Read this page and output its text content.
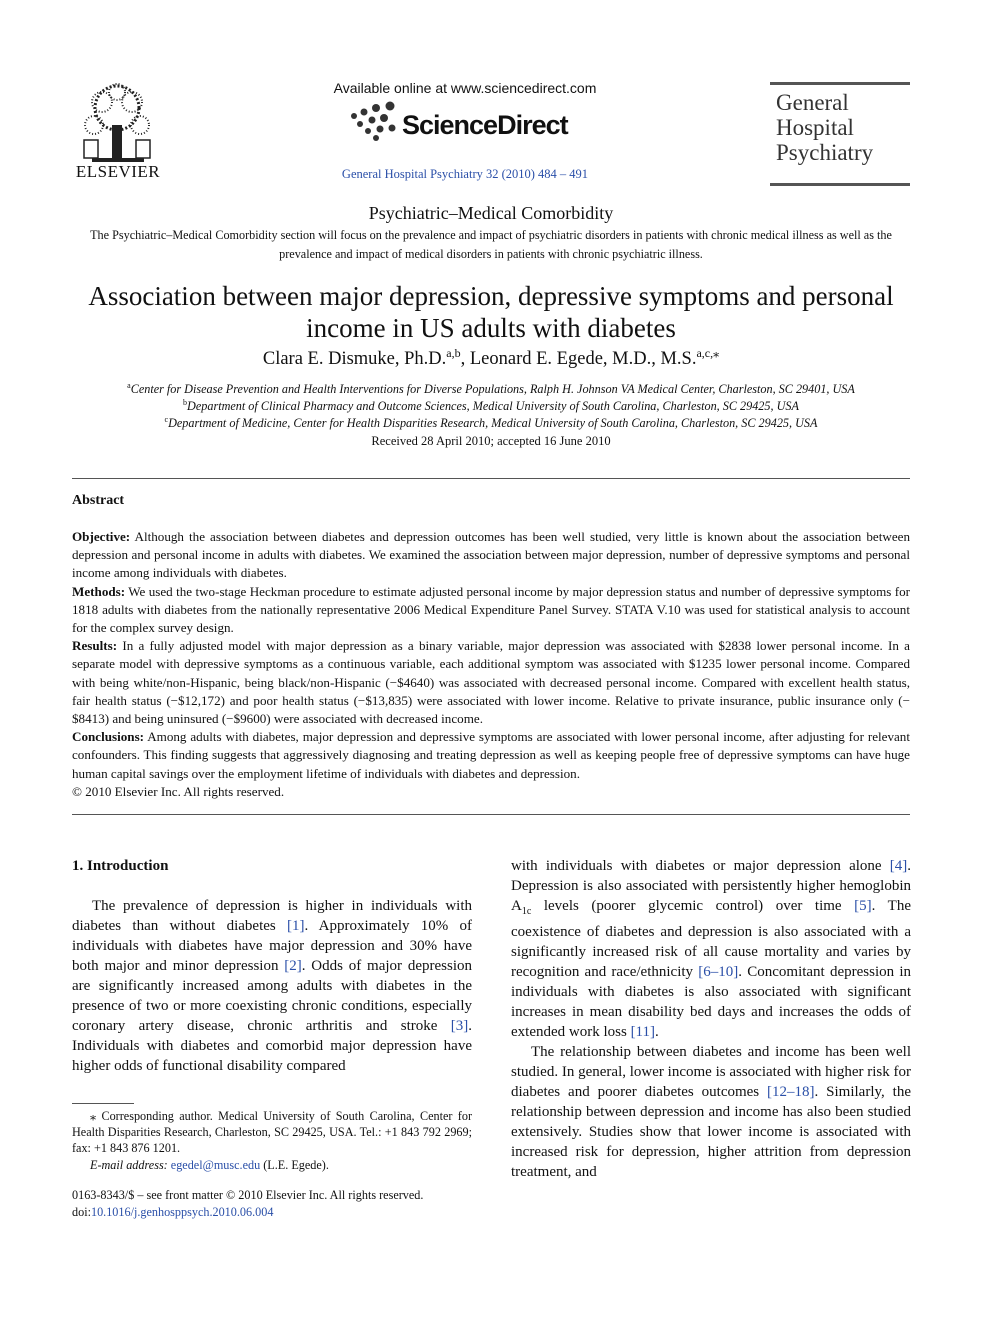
ELSEVIER
Available online at www.sciencedirect.com
ScienceDirect
General Hospital Psychiatry 32 (2010) 484 – 491
General
Hospital
Psychiatry
Psychiatric–Medical Comorbidity
The Psychiatric–Medical Comorbidity section will focus on the prevalence and impact of psychiatric disorders in patients with chronic medical illness as well as the prevalence and impact of medical disorders in patients with chronic psychiatric illness.
Association between major depression, depressive symptoms and personal income in US adults with diabetes
Clara E. Dismuke, Ph.D.$^{a,b}$, Leonard E. Egede, M.D., M.S.$^{a,c,⁎}$
$^a$Center for Disease Prevention and Health Interventions for Diverse Populations, Ralph H. Johnson VA Medical Center, Charleston, SC 29401, USA
$^b$Department of Clinical Pharmacy and Outcome Sciences, Medical University of South Carolina, Charleston, SC 29425, USA
$^c$Department of Medicine, Center for Health Disparities Research, Medical University of South Carolina, Charleston, SC 29425, USA
Received 28 April 2010; accepted 16 June 2010
Abstract

Objective: Although the association between diabetes and depression outcomes has been well studied, very little is known about the association between depression and personal income in adults with diabetes. We examined the association between major depression, number of depressive symptoms and personal income among individuals with diabetes.

Methods: We used the two-stage Heckman procedure to estimate adjusted personal income by major depression status and number of depressive symptoms for 1818 adults with diabetes from the nationally representative 2006 Medical Expenditure Panel Survey. STATA V.10 was used for statistical analysis to account for the complex survey design.

Results: In a fully adjusted model with major depression as a binary variable, major depression was associated with $2838 lower personal income. In a separate model with depressive symptoms as a continuous variable, each additional symptom was associated with $1235 lower personal income. Compared with being white/non-Hispanic, being black/non-Hispanic (−$4640) was associated with decreased personal income. Compared with excellent health status, fair health status (−$12,172) and poor health status (−$13,835) were associated with lower income. Relative to private insurance, public insurance only (−$8413) and being uninsured (−$9600) were associated with decreased income.

Conclusions: Among adults with diabetes, major depression and depressive symptoms are associated with lower personal income, after adjusting for relevant confounders. This finding suggests that aggressively diagnosing and treating depression as well as keeping people free of depressive symptoms can have huge human capital savings over the employment lifetime of individuals with diabetes and depression.

© 2010 Elsevier Inc. All rights reserved.

1. Introduction

The prevalence of depression is higher in individuals with diabetes than without diabetes [1]. Approximately 10% of individuals with diabetes have major depression and 30% have both major and minor depression [2]. Odds of major depression are significantly increased among adults with diabetes in the presence of two or more coexisting chronic conditions, especially coronary artery disease, chronic arthritis and stroke [3]. Individuals with diabetes and comorbid major depression have higher odds of functional disability compared

with individuals with diabetes or major depression alone [4]. Depression is also associated with persistently higher hemoglobin $A_{1c}$ levels (poorer glycemic control) over time [5]. The coexistence of diabetes and depression is also associated with a significantly increased risk of all cause mortality and varies by recognition and race/ethnicity [6–10]. Concomitant depression in individuals with diabetes is also associated with significant increases in mean disability bed days and increases the odds of extended work loss [11].

The relationship between diabetes and income has been well studied. In general, lower income is associated with higher risk for diabetes and poorer diabetes outcomes [12–18]. Similarly, the relationship between depression and income has also been studied extensively. Studies show that lower income is associated with increased risk for depression, higher attrition from depression treatment, and

⁎ Corresponding author. Medical University of South Carolina, Center for Health Disparities Research, Charleston, SC 29425, USA. Tel.: +1 843 792 2969; fax: +1 843 876 1201.

E-mail address: egedel@musc.edu (L.E. Egede).

0163-8343/$ – see front matter © 2010 Elsevier Inc. All rights reserved.
doi:10.1016/j.genhosppsych.2010.06.004
